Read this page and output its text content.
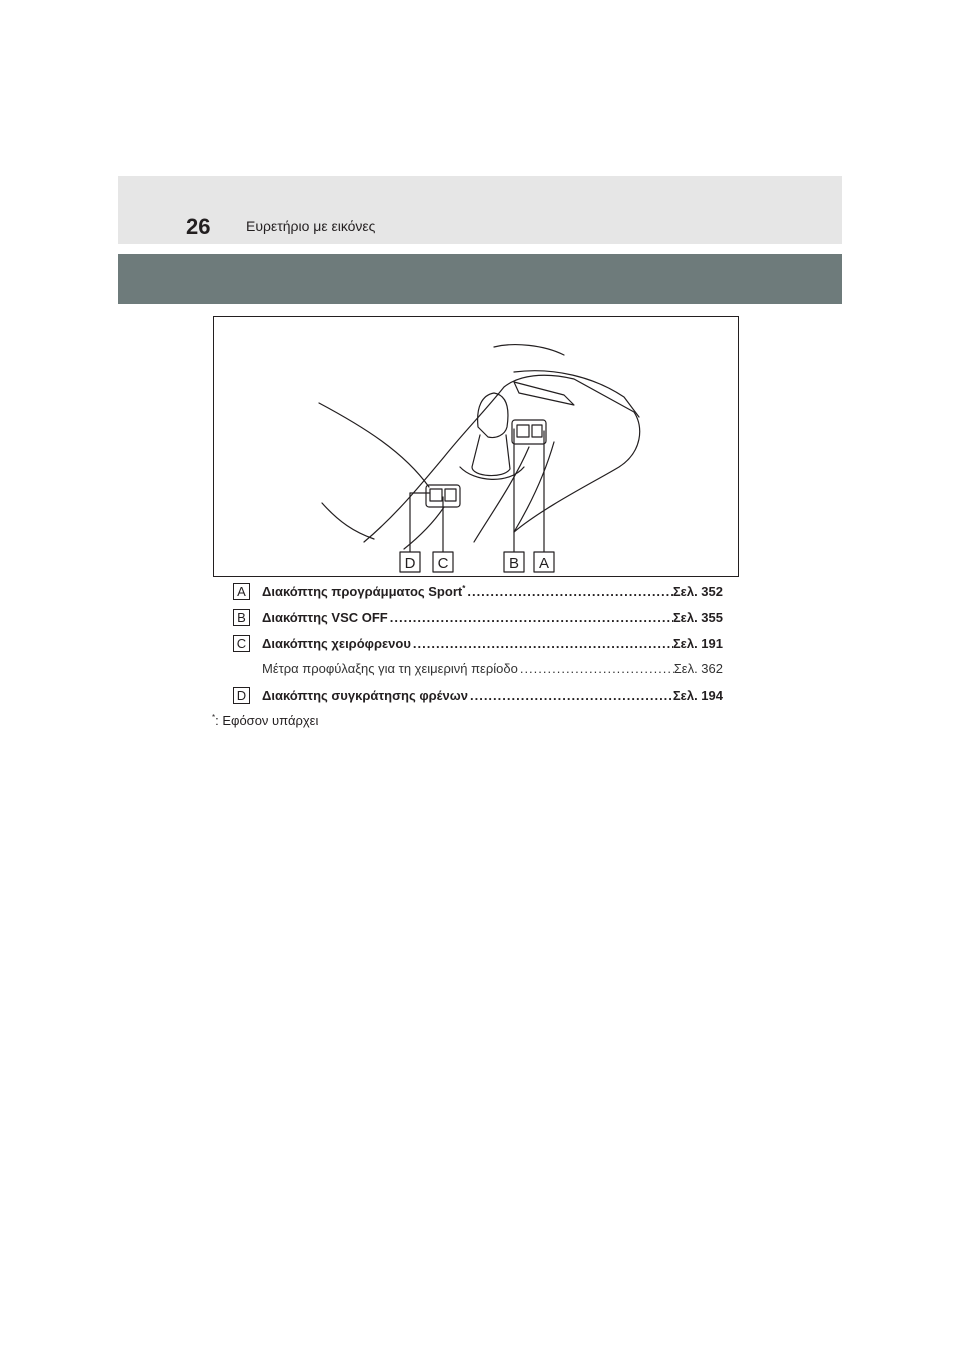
26	Ευρετήριο με εικόνες
D C	B A
A	Διακόπτης προγράμματος Sport* .....	Σελ. 352
B	Διακόπτης VSC OFF .....	Σελ. 355
C Διακόπτης χειρόφρενου .....	Σελ. 191
Μέτρα προφύλαξης για τη χειμερινή περίοδο .....	Σελ. 362
D Διακόπτης συγκράτησης φρένων .....	Σελ. 194
*: Εφόσον υπάρχει
